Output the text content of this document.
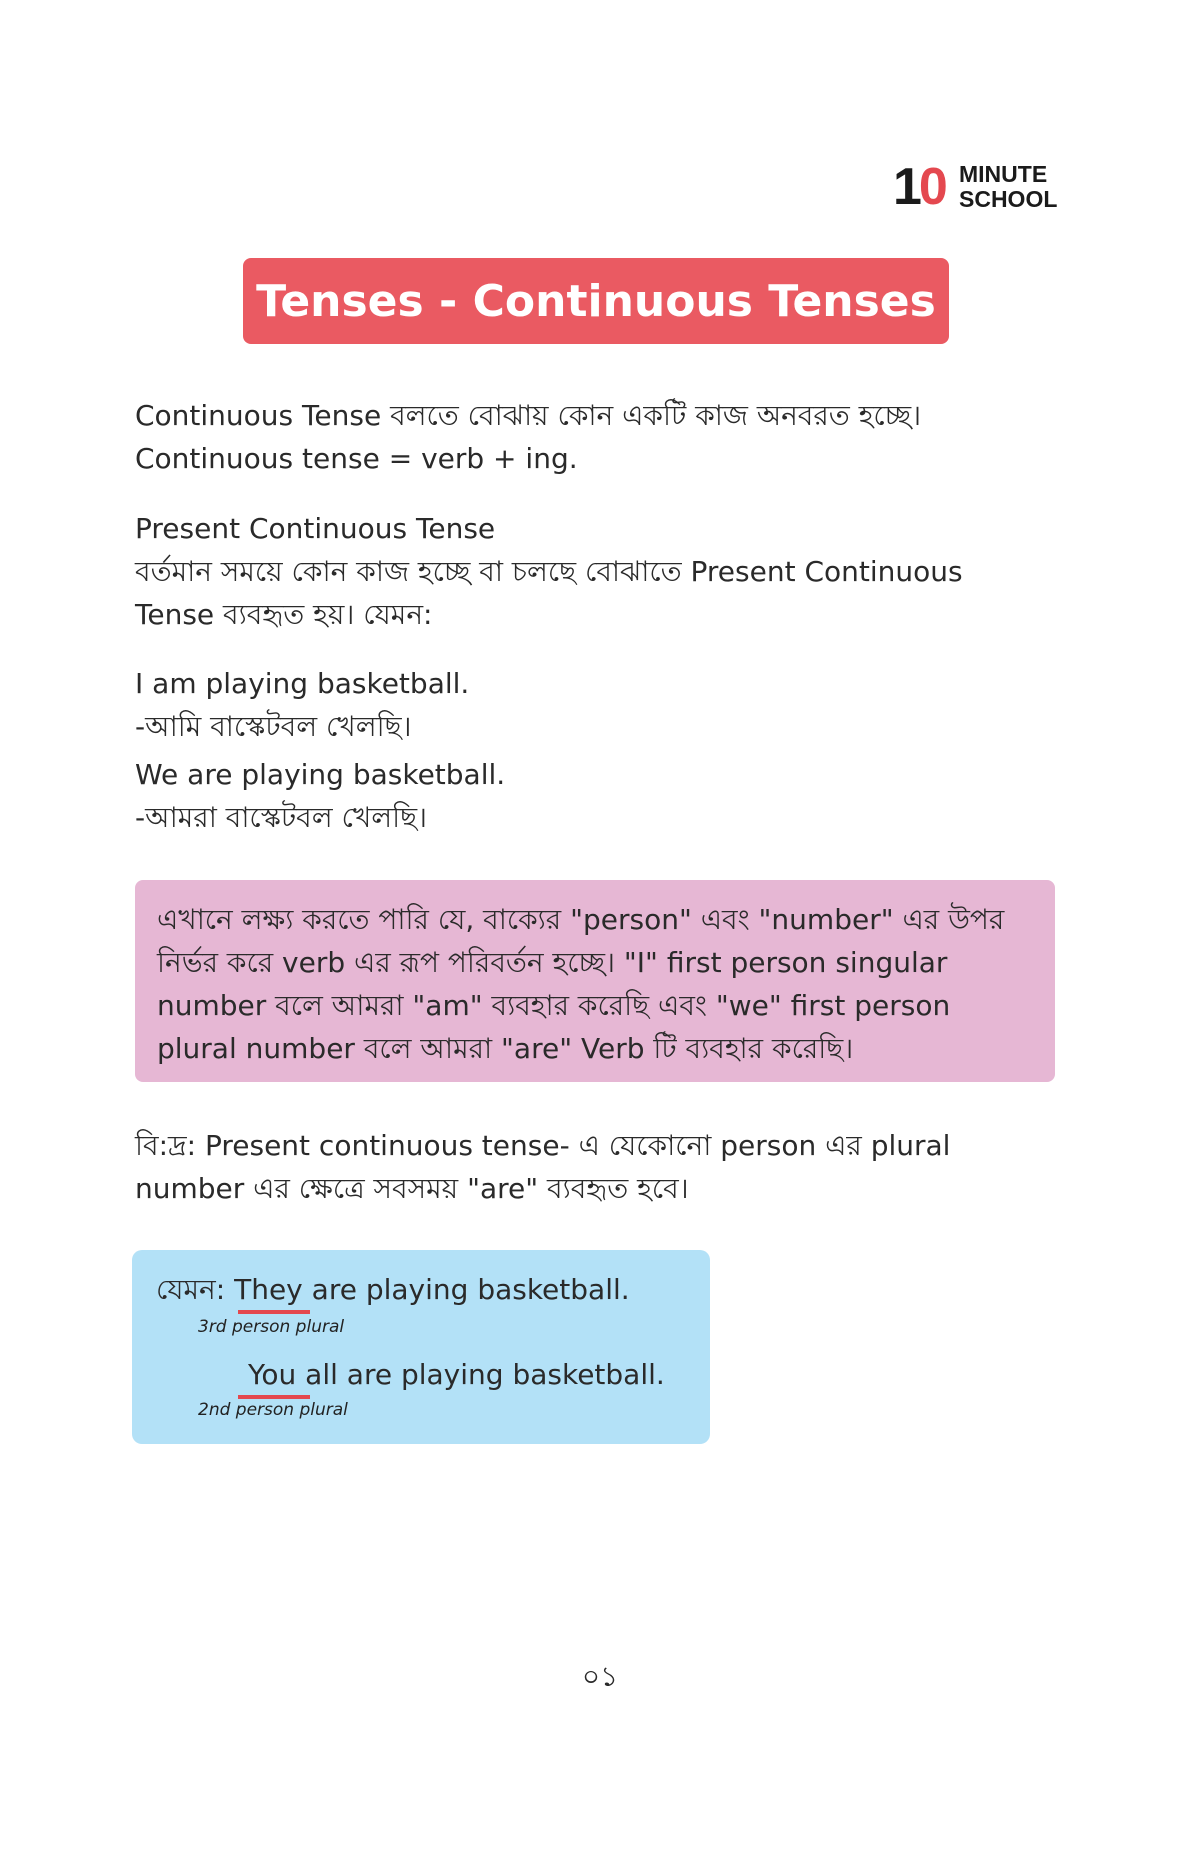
10 MINUTE
SCHOOL
Tenses - Continuous Tenses
Continuous Tense বলতে বোঝায় কোন একটি কাজ অনবরত হচ্ছে।
Continuous tense = verb + ing.
Present Continuous Tense
বর্তমান সময়ে কোন কাজ হচ্ছে বা চলছে বোঝাতে Present Continuous
Tense ব্যবহৃত হয়। যেমন:
I am playing basketball.
-আমি বাস্কেটবল খেলছি।
We are playing basketball.
-আমরা বাস্কেটবল খেলছি।
এখানে লক্ষ্য করতে পারি যে, বাক্যের "person" এবং "number" এর উপর
নির্ভর করে verb এর রূপ পরিবর্তন হচ্ছে। "I" first person singular
number বলে আমরা "am" ব্যবহার করেছি এবং "we" first person
plural number বলে আমরা "are" Verb টি ব্যবহার করেছি।
বি:দ্র: Present continuous tense- এ যেকোনো person এর plural
number এর ক্ষেত্রে সবসময় "are" ব্যবহৃত হবে।
যেমন: They are playing basketball.
3rd person plural
You all are playing basketball.
2nd person plural
০১
